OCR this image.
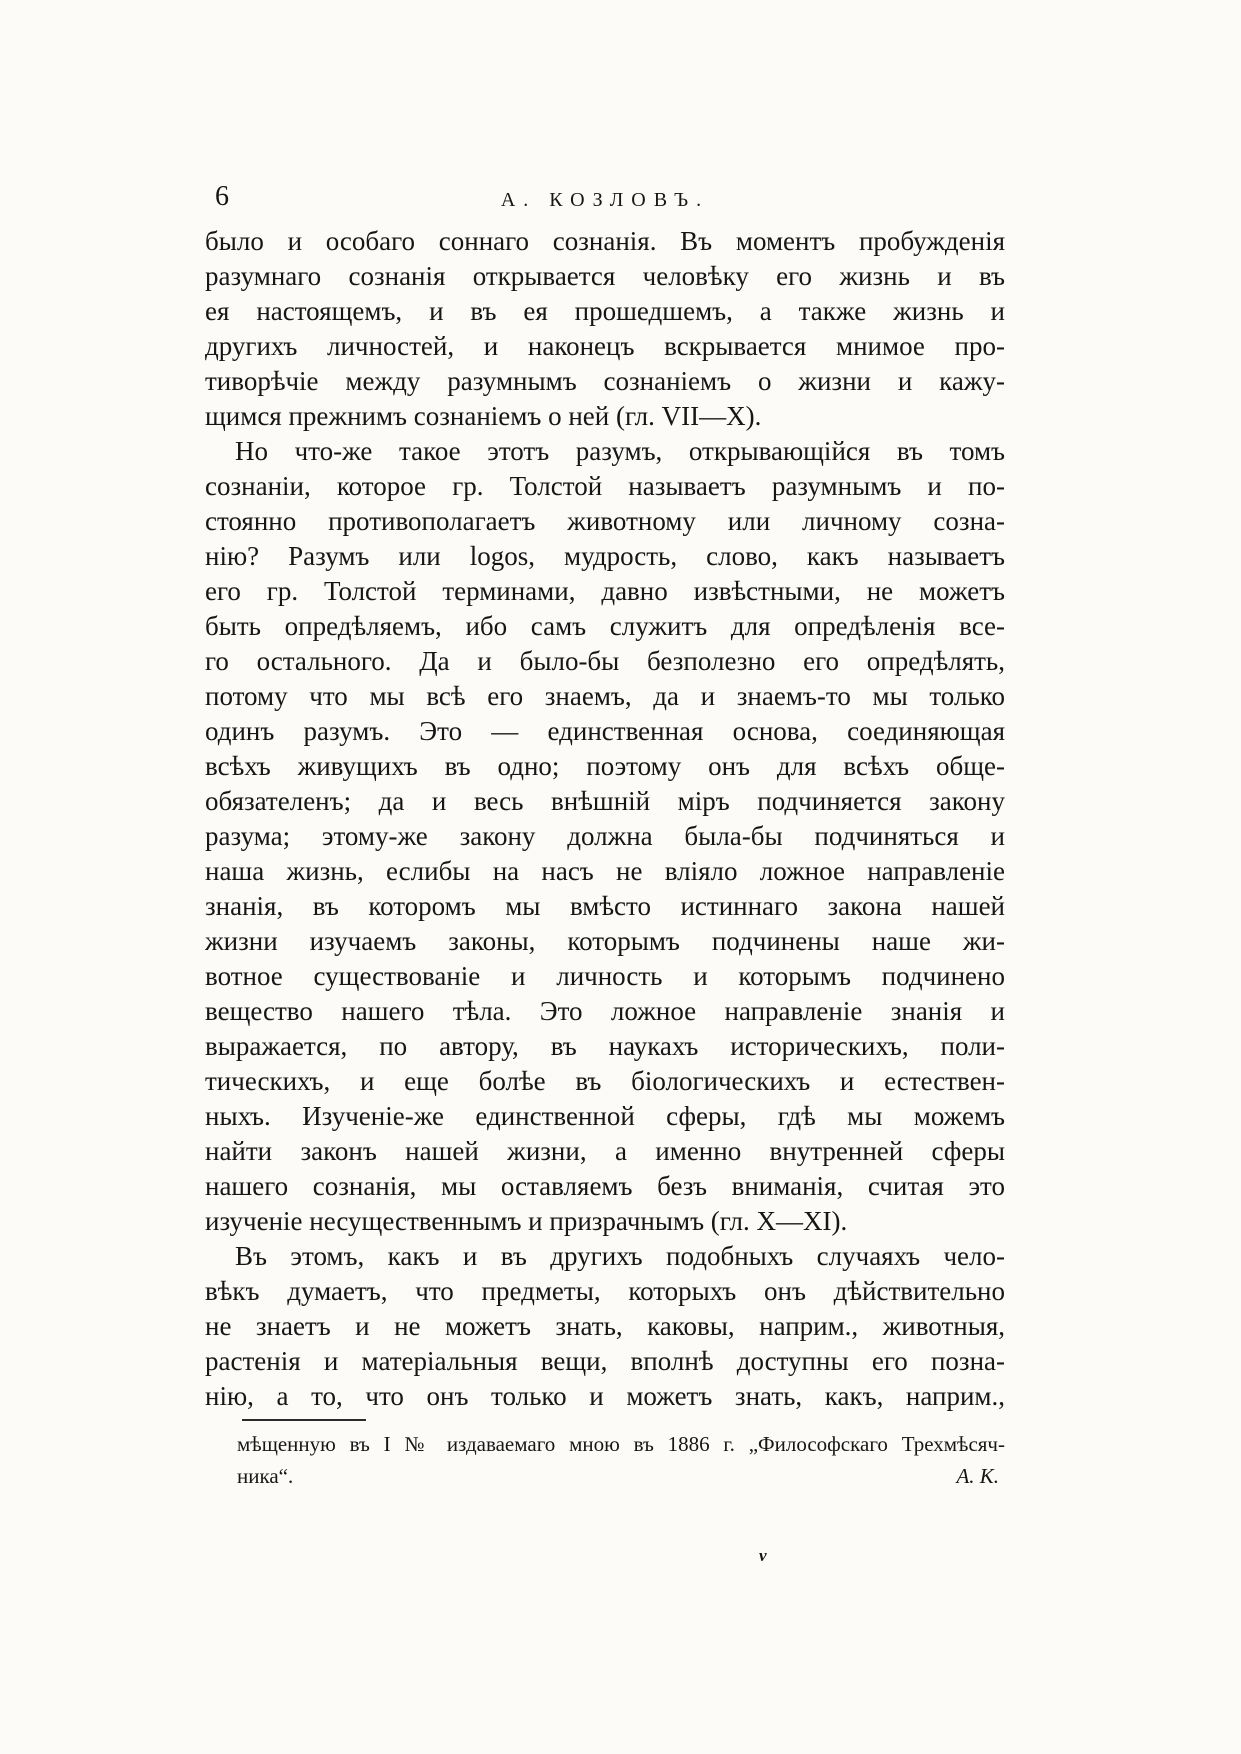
6	А. КОЗЛОВЪ.
было и особаго соннаго сознанія. Въ моментъ пробужденія
разумнаго сознанія открывается человѣку его жизнь и въ
ея настоящемъ, и въ ея прошедшемъ, а также жизнь и
другихъ личностей, и наконецъ вскрывается мнимое про-
тиворѣчіе между разумнымъ сознаніемъ о жизни и кажу-
щимся прежнимъ сознаніемъ о ней (гл. VII—X).
Но что-же такое этотъ разумъ, открывающійся въ томъ
сознаніи, которое гр. Толстой называетъ разумнымъ и по-
стоянно противополагаетъ животному или личному созна-
нію? Разумъ или logos, мудрость, слово, какъ называетъ
его гр. Толстой терминами, давно извѣстными, не можетъ
быть опредѣляемъ, ибо самъ служитъ для опредѣленія все-
го остального. Да и было-бы безполезно его опредѣлять,
потому что мы всѣ его знаемъ, да и знаемъ-то мы только
одинъ разумъ. Это — единственная основа, соединяющая
всѣхъ живущихъ въ одно; поэтому онъ для всѣхъ обще-
обязателенъ; да и весь внѣшній міръ подчиняется закону
разума; этому-же закону должна была-бы подчиняться и
наша жизнь, еслибы на насъ не вліяло ложное направленіе
знанія, въ которомъ мы вмѣсто истиннаго закона нашей
жизни изучаемъ законы, которымъ подчинены наше жи-
вотное существованіе и личность и которымъ подчинено
вещество нашего тѣла. Это ложное направленіе знанія и
выражается, по автору, въ наукахъ историческихъ, поли-
тическихъ, и еще болѣе въ біологическихъ и естествен-
ныхъ. Изученіе-же единственной сферы, гдѣ мы можемъ
найти законъ нашей жизни, а именно внутренней сферы
нашего сознанія, мы оставляемъ безъ вниманія, считая это
изученіе несущественнымъ и призрачнымъ (гл. X—XI).
Въ этомъ, какъ и въ другихъ подобныхъ случаяхъ чело-
вѣкъ думаетъ, что предметы, которыхъ онъ дѣйствительно
не знаетъ и не можетъ знать, каковы, наприм., животныя,
растенія и матеріальныя вещи, вполнѣ доступны его позна-
нію, а то, что онъ только и можетъ знать, какъ, наприм.,
мѣщенную въ I № издаваемаго мною въ 1886 г. „Философскаго Трехмѣсяч-
ника“.	А. К.
v
